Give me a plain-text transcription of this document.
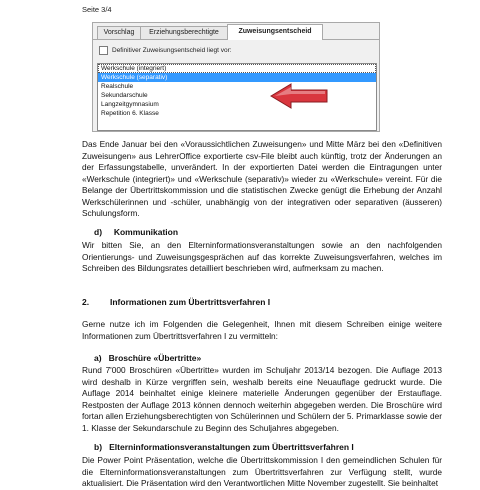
Seite 3/4
Vorschlag	Erziehungsberechtigte	Zuweisungsentscheid
Definitiver Zuweisungsentscheid liegt vor:
Werkschule (integriert)
Werkschule (separativ)
Realschule
Sekundarschule
Langzeitgymnasium
Repetition 6. Klasse

Das Ende Januar bei den «Voraussichtlichen Zuweisungen» und Mitte März bei den «Definitiven Zuweisungen» aus LehrerOffice exportierte csv-File bleibt auch künftig, trotz der Änderungen an der Erfassungstabelle, unverändert. In der exportierten Datei werden die Eintragungen unter «Werkschule (integriert)» und «Werkschule (separativ)» wieder zu «Werkschule» vereint. Für die Belange der Übertrittskommission und die statistischen Zwecke genügt die Erhebung der Anzahl Werkschülerinnen und -schüler, unabhängig von der integrativen oder separativen (äusseren) Schulungsform.

d)     Kommunikation

Wir bitten Sie, an den Elterninformationsveranstaltungen sowie an den nachfolgenden Orientierungs- und Zuweisungsgesprächen auf das korrekte Zuweisungsverfahren, welches im Schreiben des Bildungsrates detailliert beschrieben wird, aufmerksam zu machen.

2. Informationen zum Übertrittsverfahren I

Gerne nutze ich im Folgenden die Gelegenheit, Ihnen mit diesem Schreiben einige weitere Informationen zum Übertrittsverfahren I zu vermitteln:

a)   Broschüre «Übertritte»

Rund 7'000 Broschüren «Übertritte» wurden im Schuljahr 2013/14 bezogen. Die Auflage 2013 wird deshalb in Kürze vergriffen sein, weshalb bereits eine Neuauflage gedruckt wurde. Die Auflage 2014 beinhaltet einige kleinere materielle Änderungen gegenüber der Erstauflage. Restposten der Auflage 2013 können dennoch weiterhin abgegeben werden. Die Broschüre wird fortan allen Erziehungsberechtigten von Schülerinnen und Schülern der 5. Primarklasse sowie der 1. Klasse der Sekundarschule zu Beginn des Schuljahres abgegeben.

b)   Elterninformationsveranstaltungen zum Übertrittsverfahren I

Die Power Point Präsentation, welche die Übertrittskommission I den gemeindlichen Schulen für die Elterninformationsveranstaltungen zum Übertrittsverfahren zur Verfügung stellt, wurde aktualisiert. Die Präsentation wird den Verantwortlichen Mitte November zugestellt. Sie beinhaltet
